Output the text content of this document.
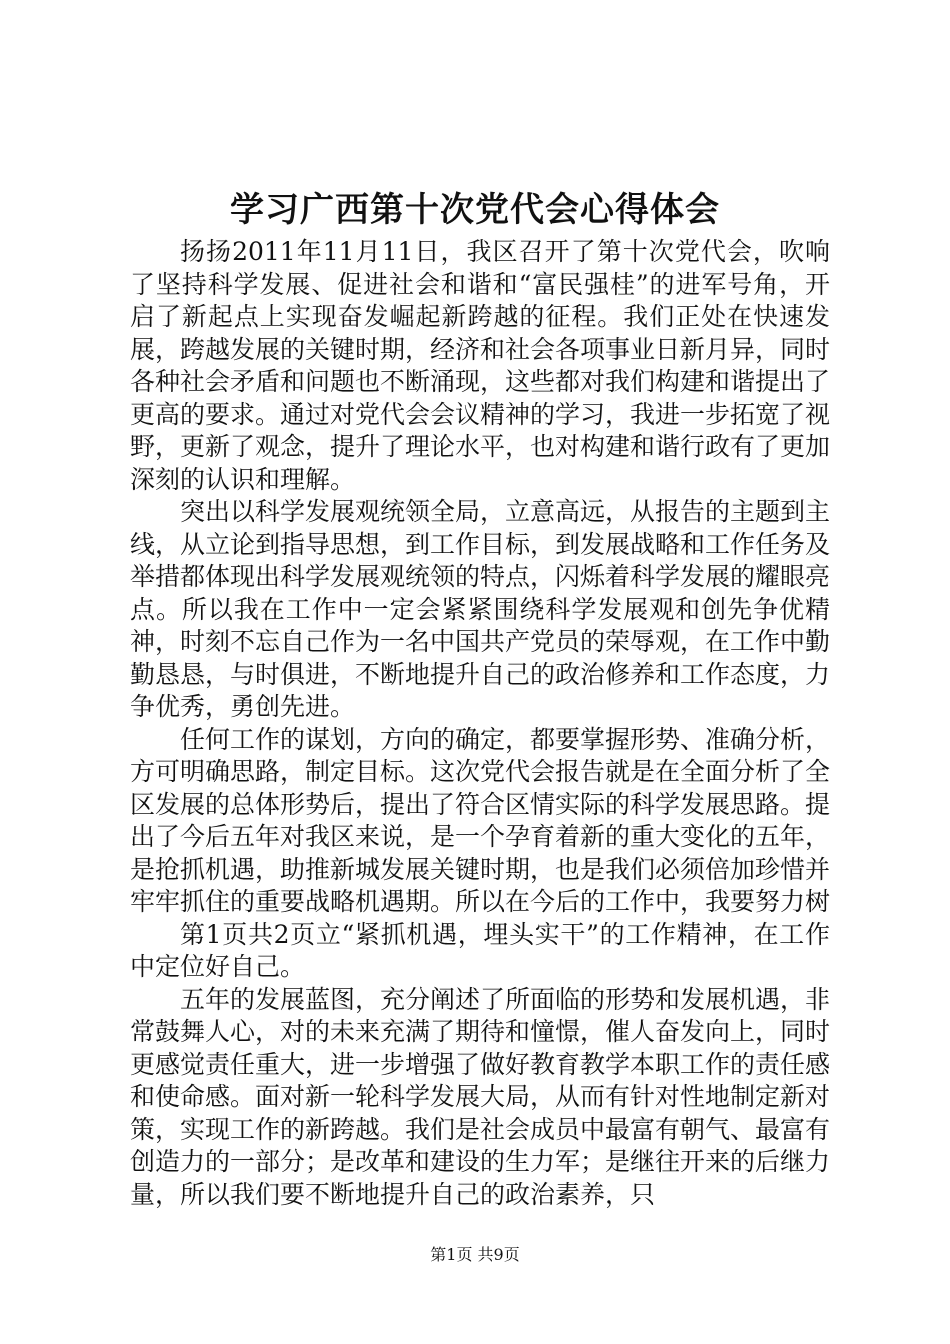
学习广西第十次党代会心得体会

扬扬2011年11月11日，我区召开了第十次党代会，吹响了坚持科学发展、促进社会和谐和“富民强桂”的进军号角，开启了新起点上实现奋发崛起新跨越的征程。我们正处在快速发展，跨越发展的关键时期，经济和社会各项事业日新月异，同时各种社会矛盾和问题也不断涌现，这些都对我们构建和谐提出了更高的要求。通过对党代会会议精神的学习，我进一步拓宽了视野，更新了观念，提升了理论水平，也对构建和谐行政有了更加深刻的认识和理解。

突出以科学发展观统领全局，立意高远，从报告的主题到主线，从立论到指导思想，到工作目标，到发展战略和工作任务及举措都体现出科学发展观统领的特点，闪烁着科学发展的耀眼亮点。所以我在工作中一定会紧紧围绕科学发展观和创先争优精神，时刻不忘自己作为一名中国共产党员的荣辱观，在工作中勤勤恳恳，与时俱进，不断地提升自己的政治修养和工作态度，力争优秀，勇创先进。

任何工作的谋划，方向的确定，都要掌握形势、准确分析，方可明确思路，制定目标。这次党代会报告就是在全面分析了全区发展的总体形势后，提出了符合区情实际的科学发展思路。提出了今后五年对我区来说，是一个孕育着新的重大变化的五年，是抢抓机遇，助推新城发展关键时期，也是我们必须倍加珍惜并牢牢抓住的重要战略机遇期。所以在今后的工作中，我要努力树

第1页共2页立“紧抓机遇，埋头实干”的工作精神，在工作中定位好自己。

五年的发展蓝图，充分阐述了所面临的形势和发展机遇，非常鼓舞人心，对的未来充满了期待和憧憬，催人奋发向上，同时更感觉责任重大，进一步增强了做好教育教学本职工作的责任感和使命感。面对新一轮科学发展大局，从而有针对性地制定新对策，实现工作的新跨越。我们是社会成员中最富有朝气、最富有创造力的一部分；是改革和建设的生力军；是继往开来的后继力量，所以我们要不断地提升自己的政治素养，只

第1页 共9页
